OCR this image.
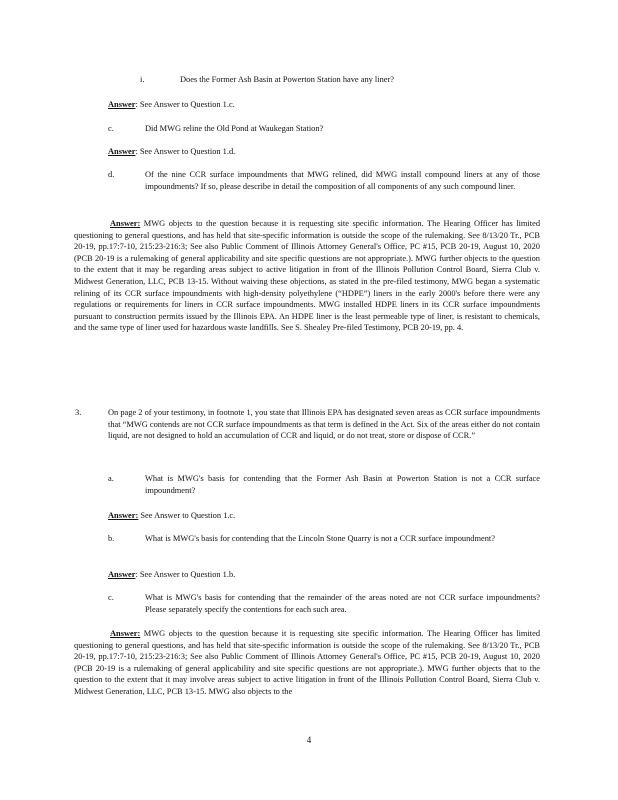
i.	Does the Former Ash Basin at Powerton Station have any liner?
Answer: See Answer to Question 1.c.
c.	Did MWG reline the Old Pond at Waukegan Station?
Answer: See Answer to Question 1.d.
d.	Of the nine CCR surface impoundments that MWG relined, did MWG install compound liners at any of those impoundments? If so, please describe in detail the composition of all components of any such compound liner.
Answer: MWG objects to the question because it is requesting site specific information. The Hearing Officer has limited questioning to general questions, and has held that site-specific information is outside the scope of the rulemaking. See 8/13/20 Tr., PCB 20-19, pp.17:7-10, 215:23-216:3; See also Public Comment of Illinois Attorney General's Office, PC #15, PCB 20-19, August 10, 2020 (PCB 20-19 is a rulemaking of general applicability and site specific questions are not appropriate.). MWG further objects to the question to the extent that it may be regarding areas subject to active litigation in front of the Illinois Pollution Control Board, Sierra Club v. Midwest Generation, LLC, PCB 13-15. Without waiving these objections, as stated in the pre-filed testimony, MWG began a systematic relining of its CCR surface impoundments with high-density polyethylene (“HDPE”) liners in the early 2000's before there were any regulations or requirements for liners in CCR surface impoundments. MWG installed HDPE liners in its CCR surface impoundments pursuant to construction permits issued by the Illinois EPA. An HDPE liner is the least permeable type of liner, is resistant to chemicals, and the same type of liner used for hazardous waste landfills. See S. Shealey Pre-filed Testimony, PCB 20-19, pp. 4.
3.	On page 2 of your testimony, in footnote 1, you state that Illinois EPA has designated seven areas as CCR surface impoundments that “MWG contends are not CCR surface impoundments as that term is defined in the Act. Six of the areas either do not contain liquid, are not designed to hold an accumulation of CCR and liquid, or do not treat, store or dispose of CCR.”
a.	What is MWG's basis for contending that the Former Ash Basin at Powerton Station is not a CCR surface impoundment?
Answer: See Answer to Question 1.c.
b.	What is MWG's basis for contending that the Lincoln Stone Quarry is not a CCR surface impoundment?
Answer: See Answer to Question 1.b.
c.	What is MWG's basis for contending that the remainder of the areas noted are not CCR surface impoundments? Please separately specify the contentions for each such area.
Answer: MWG objects to the question because it is requesting site specific information. The Hearing Officer has limited questioning to general questions, and has held that site-specific information is outside the scope of the rulemaking. See 8/13/20 Tr., PCB 20-19, pp.17:7-10, 215:23-216:3; See also Public Comment of Illinois Attorney General's Office, PC #15, PCB 20-19, August 10, 2020 (PCB 20-19 is a rulemaking of general applicability and site specific questions are not appropriate.). MWG further objects that to the question to the extent that it may involve areas subject to active litigation in front of the Illinois Pollution Control Board, Sierra Club v. Midwest Generation, LLC, PCB 13-15. MWG also objects to the
4
